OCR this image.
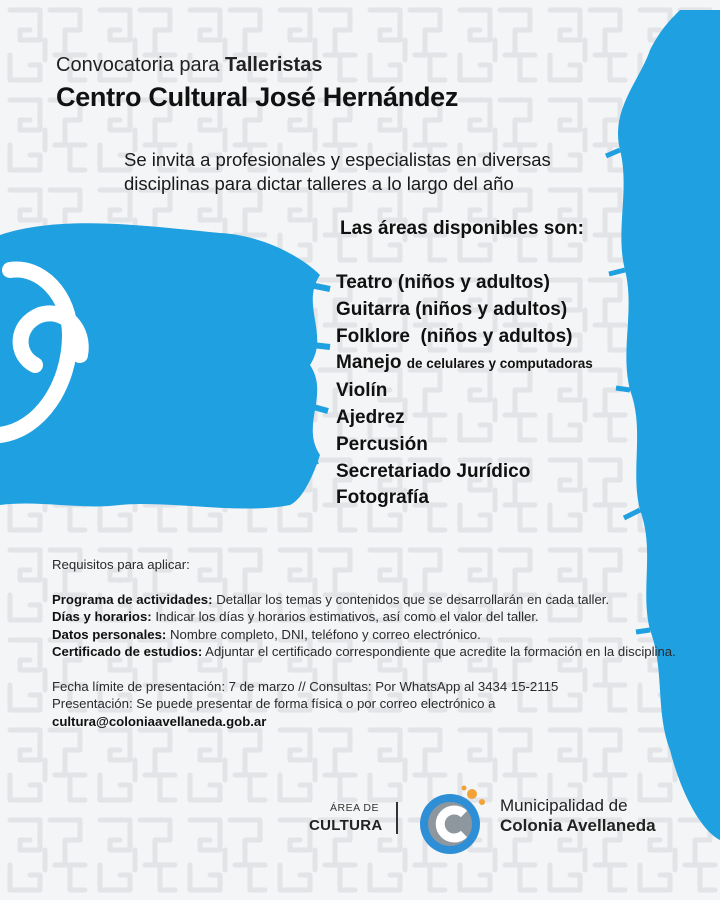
Convocatoria para Talleristas
Centro Cultural José Hernández
Se invita a profesionales y especialistas en diversas
disciplinas para dictar talleres a lo largo del año
Las áreas disponibles son:
Teatro (niños y adultos)
Guitarra (niños y adultos)
Folklore  (niños y adultos)
Manejo de celulares y computadoras
Violín
Ajedrez
Percusión
Secretariado Jurídico
Fotografía
Requisitos para aplicar:
Programa de actividades: Detallar los temas y contenidos que se desarrollarán en cada taller.
Días y horarios: Indicar los días y horarios estimativos, así como el valor del taller.
Datos personales: Nombre completo, DNI, teléfono y correo electrónico.
Certificado de estudios: Adjuntar el certificado correspondiente que acredite la formación en la disciplina.
Fecha límite de presentación: 7 de marzo // Consultas: Por WhatsApp al 3434 15-2115
Presentación: Se puede presentar de forma física o por correo electrónico a
cultura@coloniaavellaneda.gob.ar
ÁREA DE
CULTURA
Municipalidad de
Colonia Avellaneda
